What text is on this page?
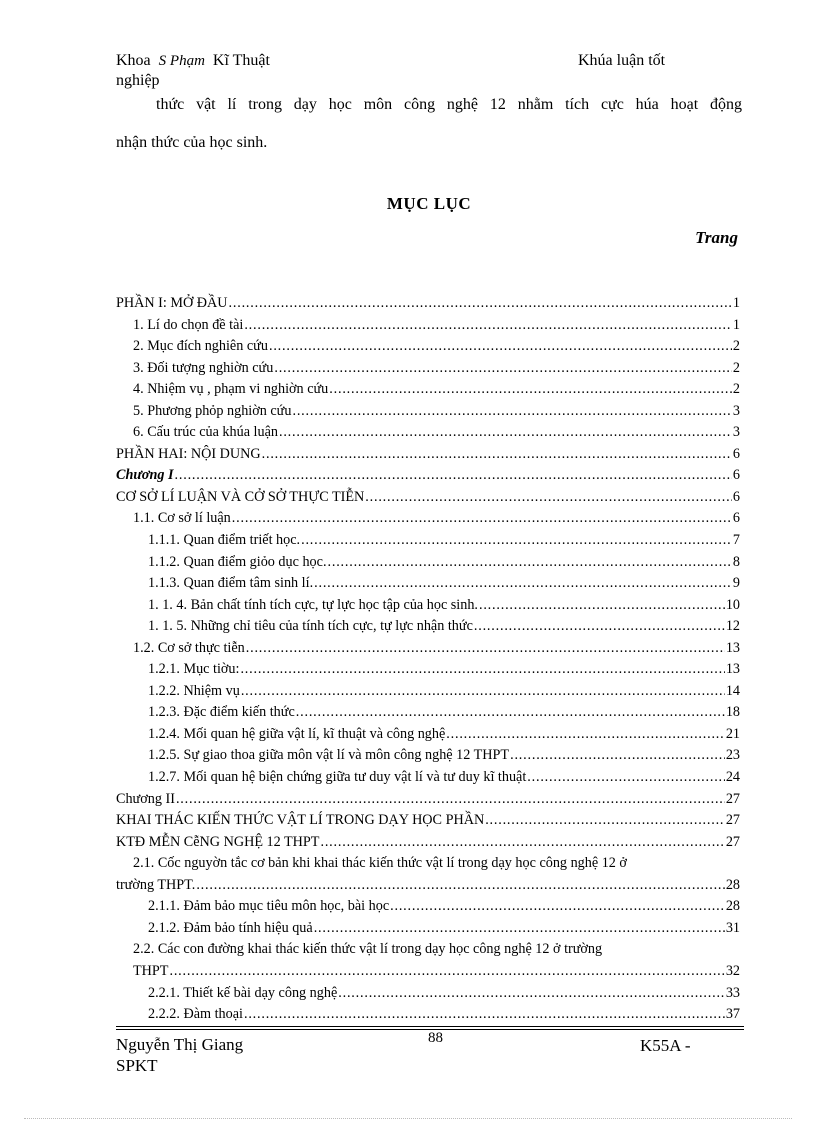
Khoa S Phạm Kĩ Thuật
nghiệp
Khúa luận tốt
thức vật lí trong dạy học môn công nghệ 12 nhằm tích cực húa hoạt động
nhận thức của học sinh.
MỤC LỤC
Trang
PHẦN I: MỞ ĐẦU .....	1
1. Lí do chọn đề tài .....	1
2. Mục đích nghiên cứu .....	2
3. Đối tượng nghiờn cứu .....	2
4. Nhiệm vụ , phạm vi nghiờn cứu .....	2
5. Phương phỏp nghiờn cứu .....	3
6. Cấu trúc của khúa luận .....	3
PHẦN HAI: NỘI DUNG .....	6
Chương I .....	6
CƠ SỞ LÍ LUẬN VÀ CỞ SỞ THỰC TIỄN .....	6
1.1. Cơ sở lí luận .....	6
1.1.1. Quan điểm triết học. .....	7
1.1.2. Quan điểm giỏo dục học. .....	8
1.1.3. Quan điểm tâm sinh lí. .....	9
1. 1. 4. Bản chất tính tích cực, tự lực học tập của học sinh. .....	10
1. 1. 5. Những chỉ tiêu của tính tích cực, tự lực nhận thức .....	12
1.2. Cơ sở thực tiễn .....	13
1.2.1. Mục tiờu: .....	13
1.2.2. Nhiệm vụ .....	14
1.2.3. Đặc điểm kiến thức .....	18
1.2.4. Mối quan hệ giữa vật lí, kĩ thuật và công nghệ .....	21
1.2.5. Sự giao thoa giữa môn vật lí và môn công nghệ 12 THPT .....	23
1.2.7. Mối quan hệ biện chứng giữa tư duy vật lí và tư duy kĩ thuật .....	24
Chương II .....	27
KHAI THÁC KIẾN THỨC VẬT LÍ TRONG DẠY HỌC PHẦN .....	27
KTĐ MỄN CễNG NGHỆ 12 THPT .....	27
2.1. Cốc nguyờn tắc cơ bản khi khai thác kiến thức vật lí trong dạy học công nghệ 12 ở
trường THPT. .....	28
2.1.1. Đảm bảo mục tiêu môn học, bài học .....	28
2.1.2. Đảm bảo tính hiệu quả .....	31
2.2. Các con đường khai thác kiến thức vật lí trong dạy học công nghệ 12 ở trường
THPT .....	32
2.2.1. Thiết kế bài dạy công nghệ .....	33
2.2.2. Đàm thoại .....	37
Nguyễn Thị Giang
SPKT
88	K55A -
